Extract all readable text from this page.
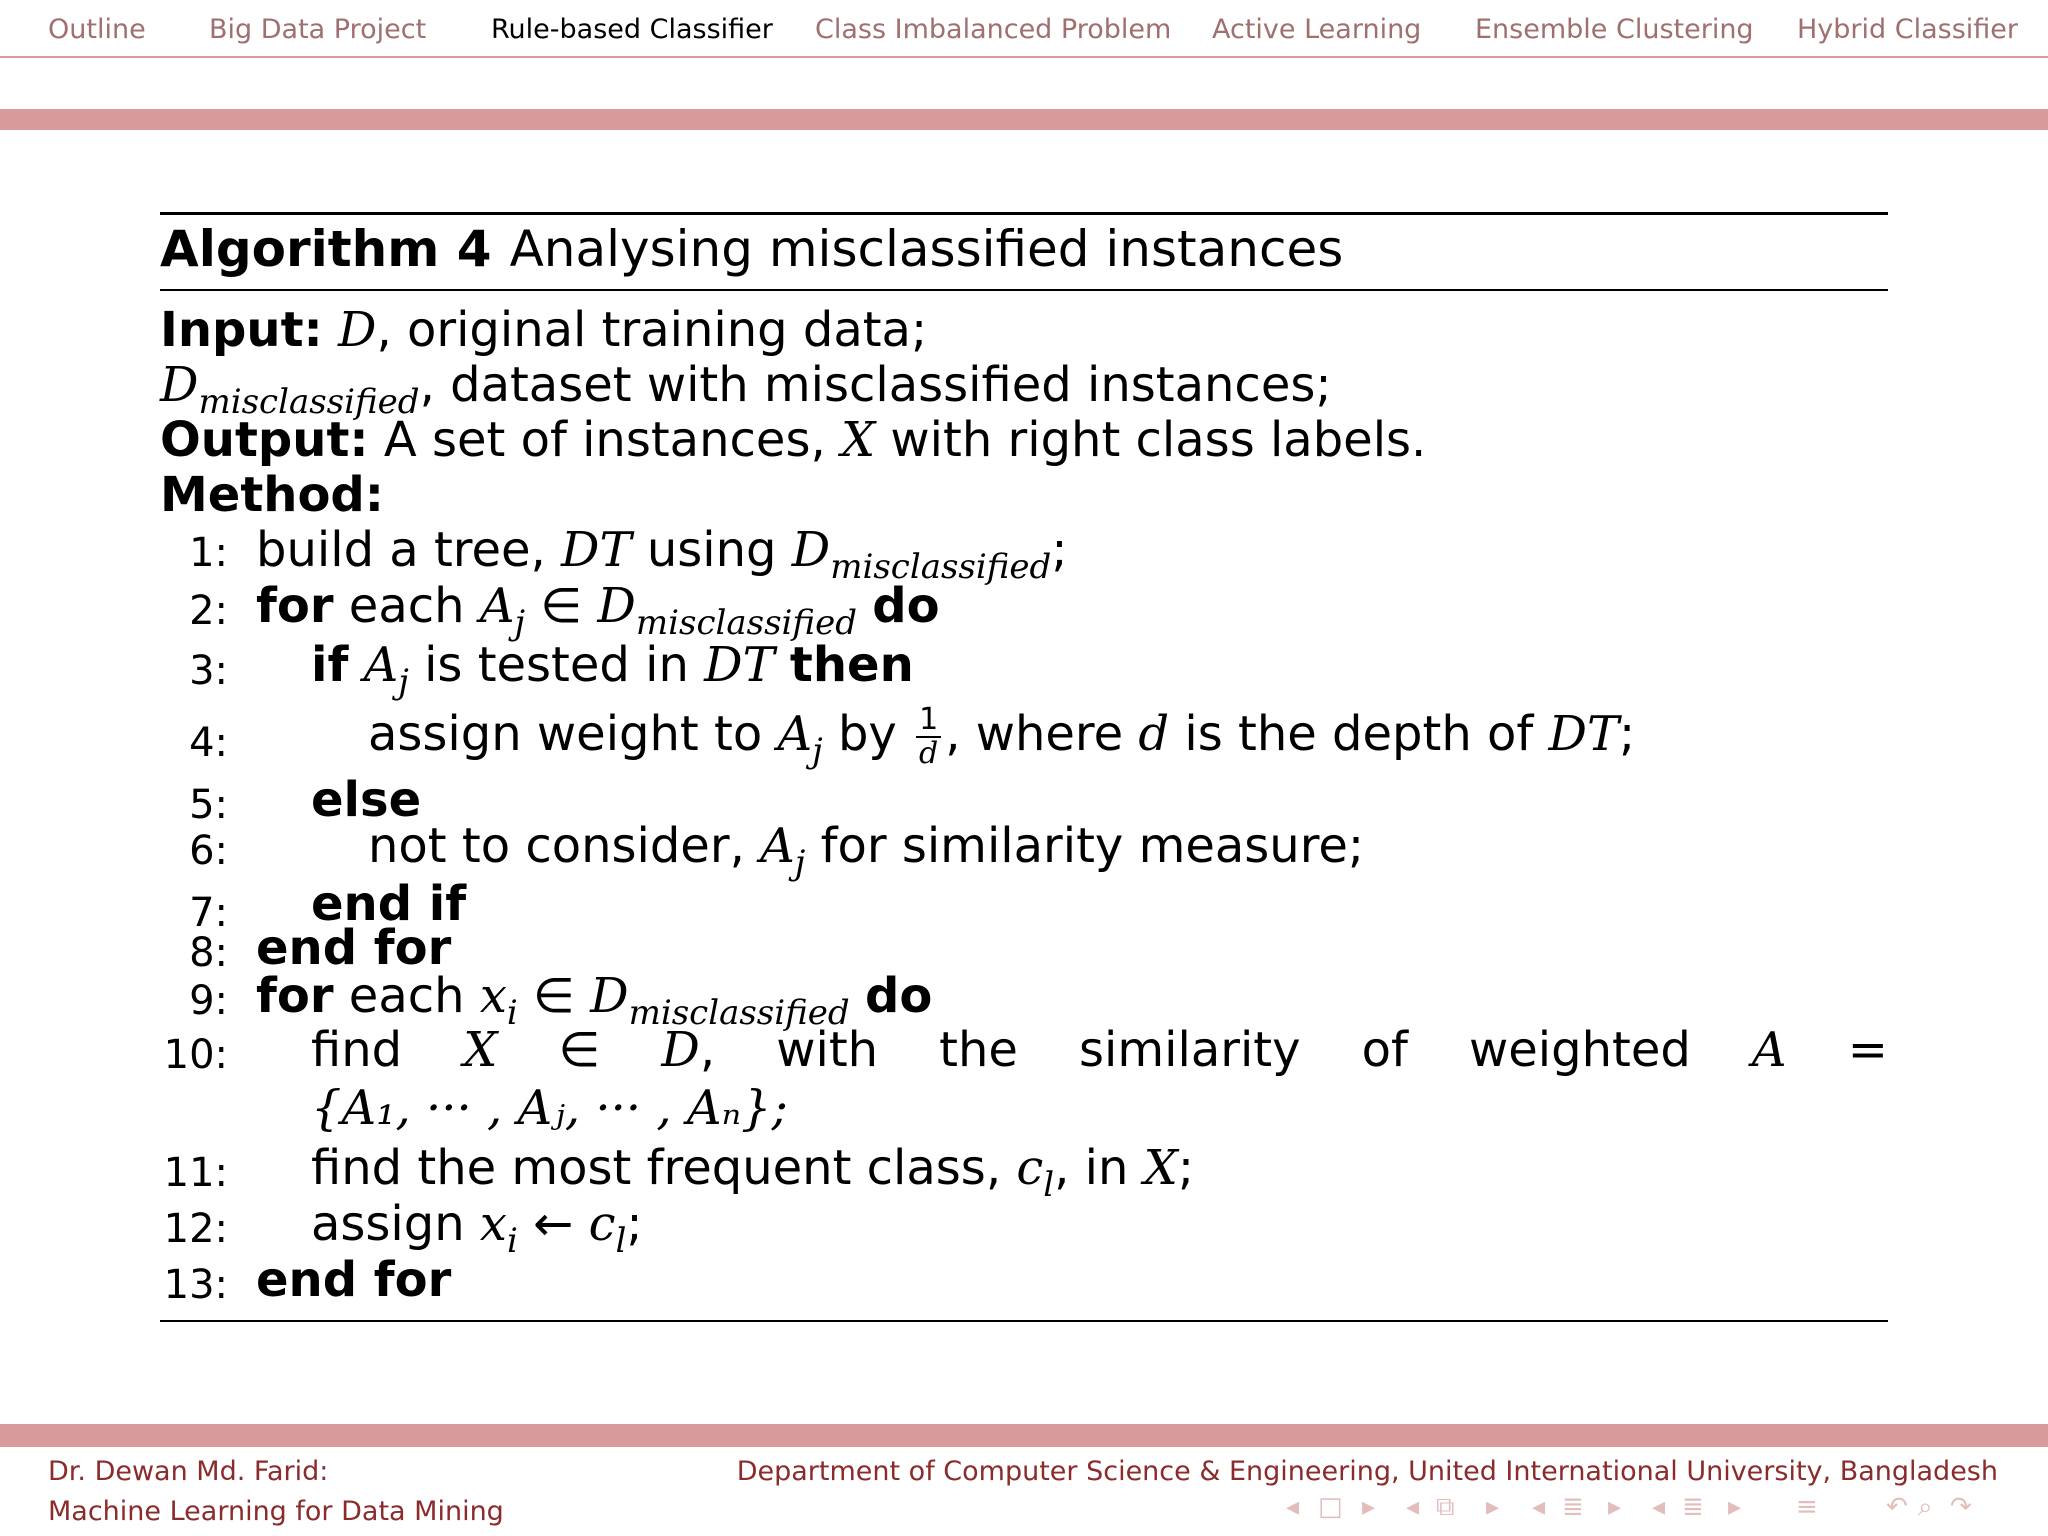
Outline Big Data Project Rule-based Classifier Class Imbalanced Problem Active Learning Ensemble Clustering Hybrid Classifier
Algorithm 4 Analysing misclassified instances
Input: D, original training data;
$D_{misclassified}$, dataset with misclassified instances;
Output: A set of instances, X with right class labels.
Method:
1: build a tree, DT using $D_{misclassified}$;
2: for each $A_j$ ∈ $D_{misclassified}$ do
3: if $A_j$ is tested in DT then
4:	assign weight to $A_j$ by $\frac{1}{d}$ , where d is the depth of DT;
5: else
6:	not to consider, $A_j$ for similarity measure;
7: end if
8: end for
9: for each $x_i$ ∈ $D_{misclassified}$ do
10: find X ∈ D, with the similarity of weighted A =
{A₁, ··· , Aⱼ, ··· , Aₙ};
11: find the most frequent class, $c_l$, in X;
12: assign $x_i$ ← $c_l$;
13: end for
Dr. Dewan Md. Farid:
Machine Learning for Data Mining
Department of Computer Science & Engineering, United International University, Bangladesh
◂ □ ▸ ◂ ⧉ ▸ ◂ ≣ ▸ ◂ ≣ ▸ ≡	↶ ⌕ ↷
